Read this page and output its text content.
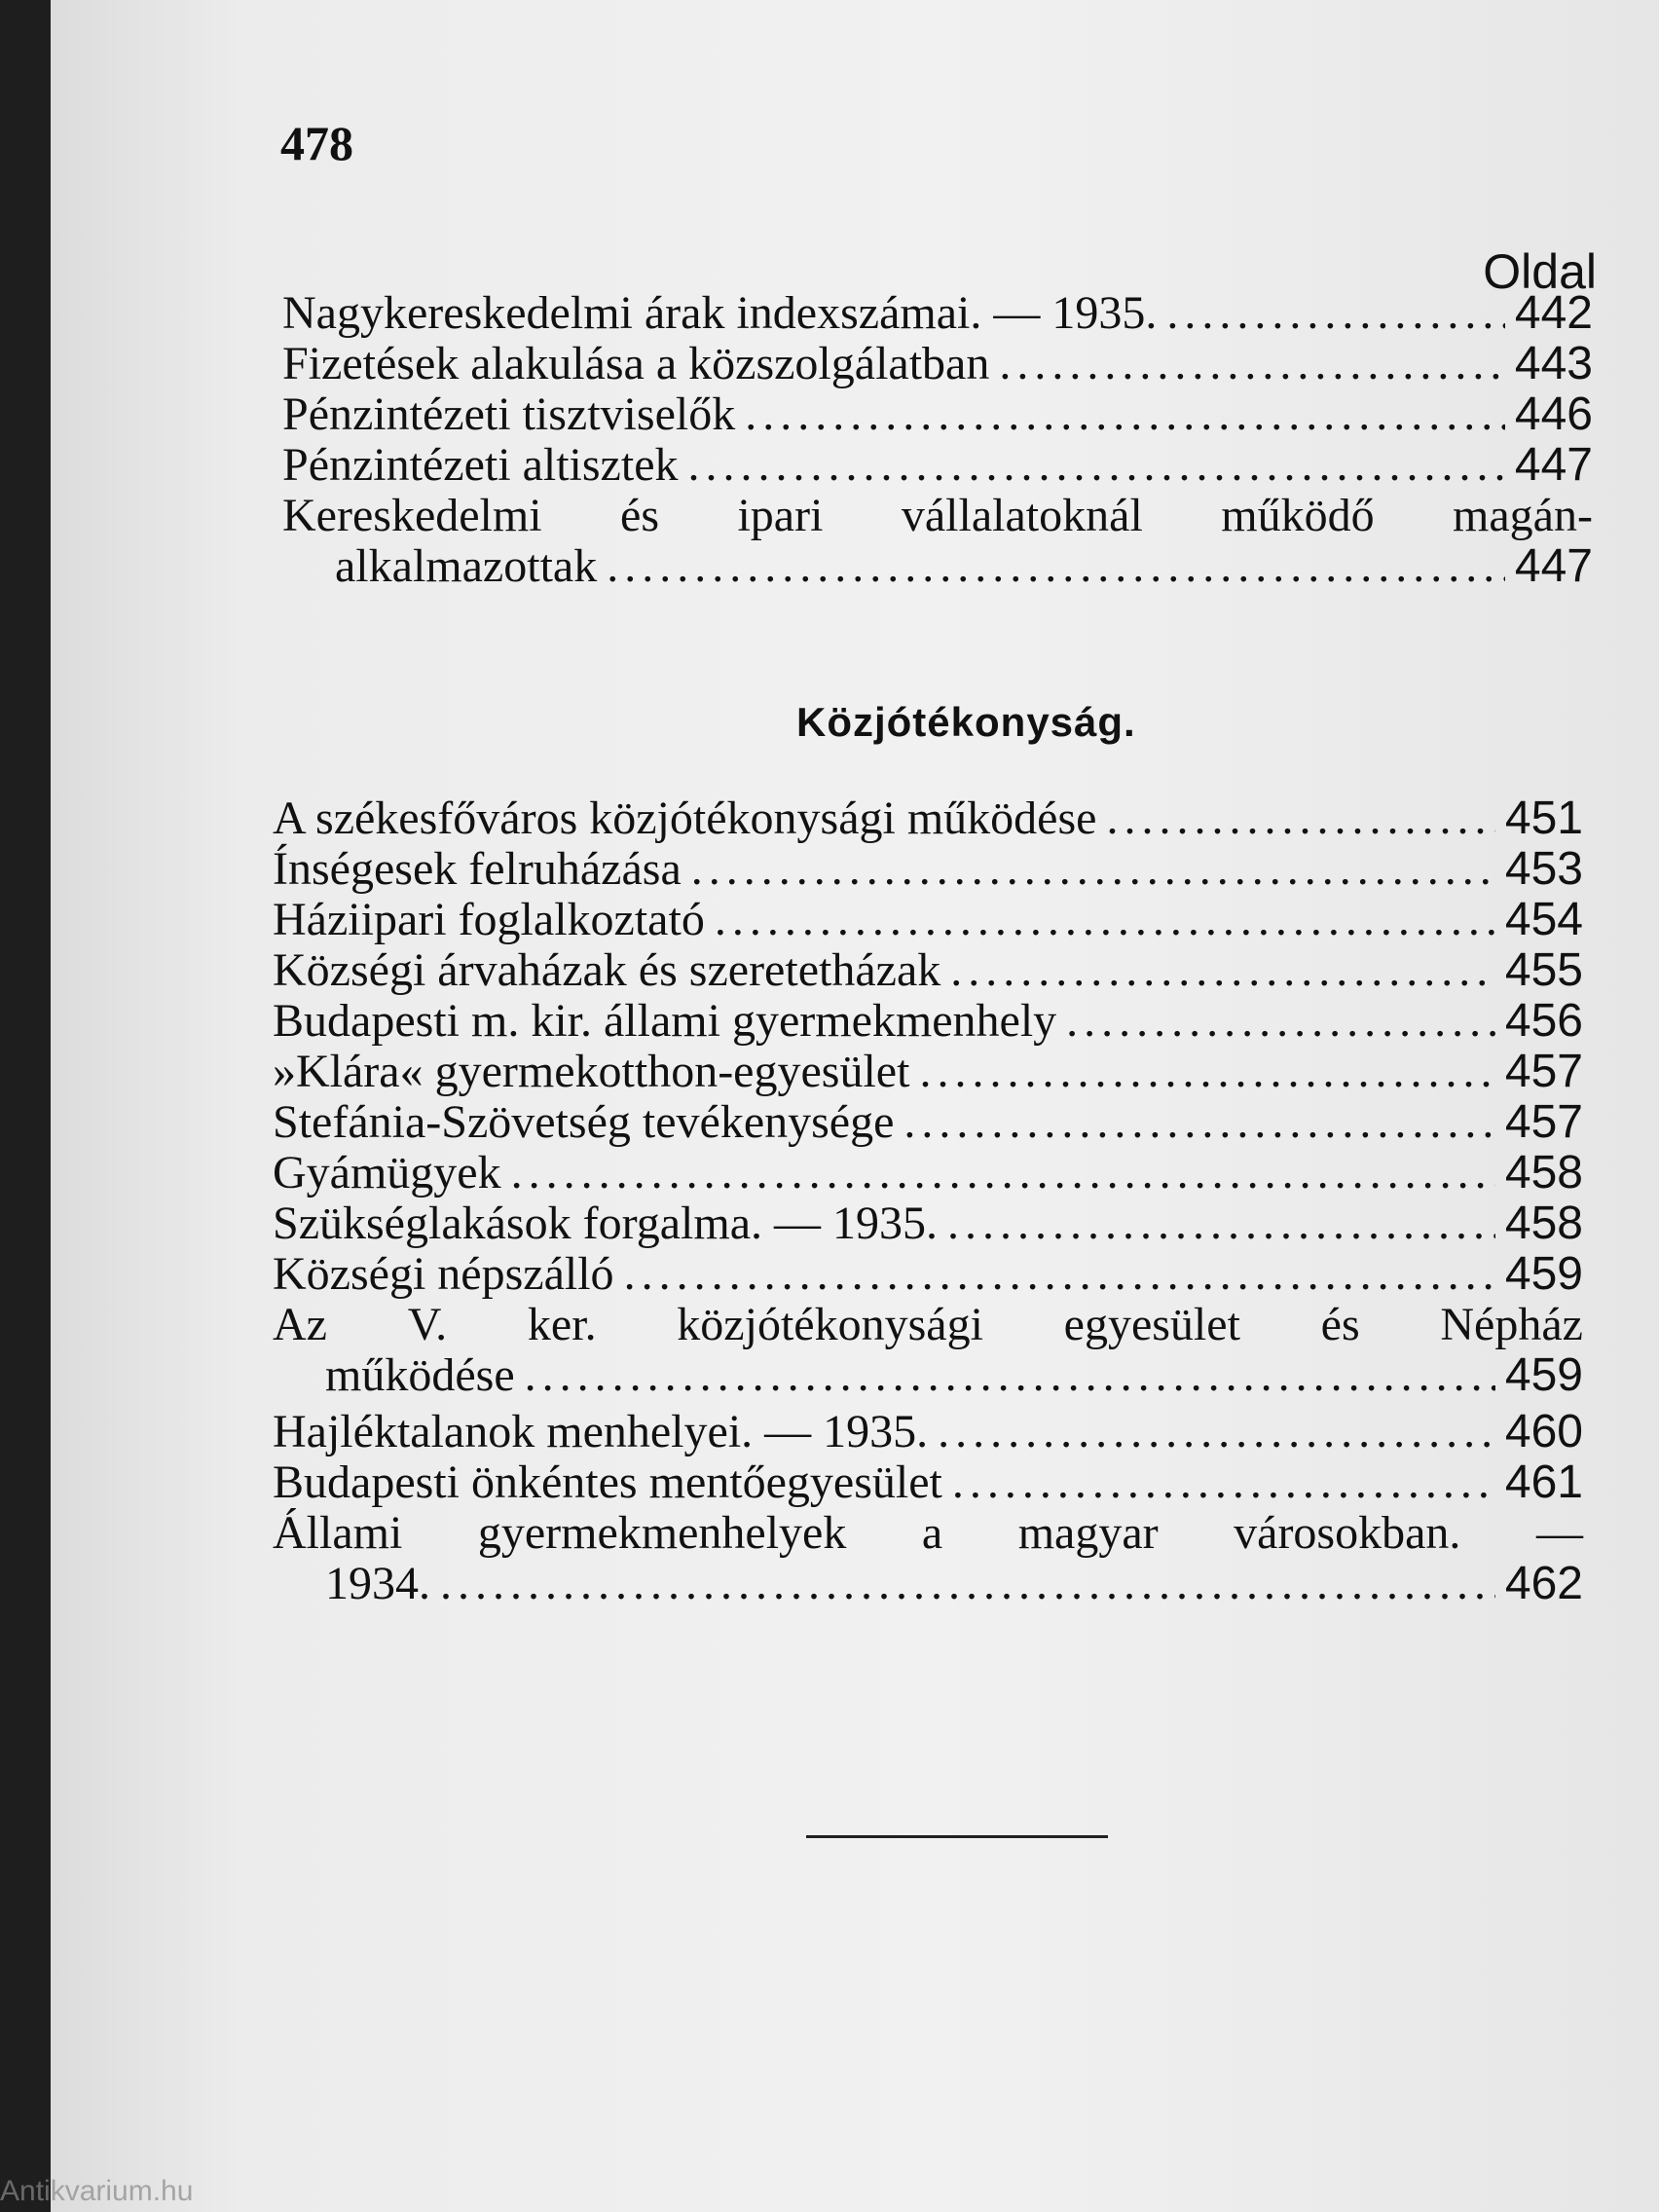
478
Oldal
Nagykereskedelmi árak indexszámai. — 1935. .....	442
Fizetések alakulása a közszolgálatban .....	443
Pénzintézeti tisztviselők .....	446
Pénzintézeti altisztek .....	447
Kereskedelmi és ipari vállalatoknál működő magán-
alkalmazottak .....	447
Közjótékonyság.
A székesfőváros közjótékonysági működése .....	451
Ínségesek felruházása .....	453
Háziipari foglalkoztató .....	454
Községi árvaházak és szeretetházak .....	455
Budapesti m. kir. állami gyermekmenhely .....	456
»Klára« gyermekotthon-egyesület .....	457
Stefánia-Szövetség tevékenysége .....	457
Gyámügyek .....	458
Szükséglakások forgalma. — 1935. .....	458
Községi népszálló .....	459
Az V. ker. közjótékonysági egyesület és Népház
működése .....	459
Hajléktalanok menhelyei. — 1935. .....	460
Budapesti önkéntes mentőegyesület .....	461
Állami gyermekmenhelyek a magyar városokban. —
1934. .....	462
Antikvarium.hu
